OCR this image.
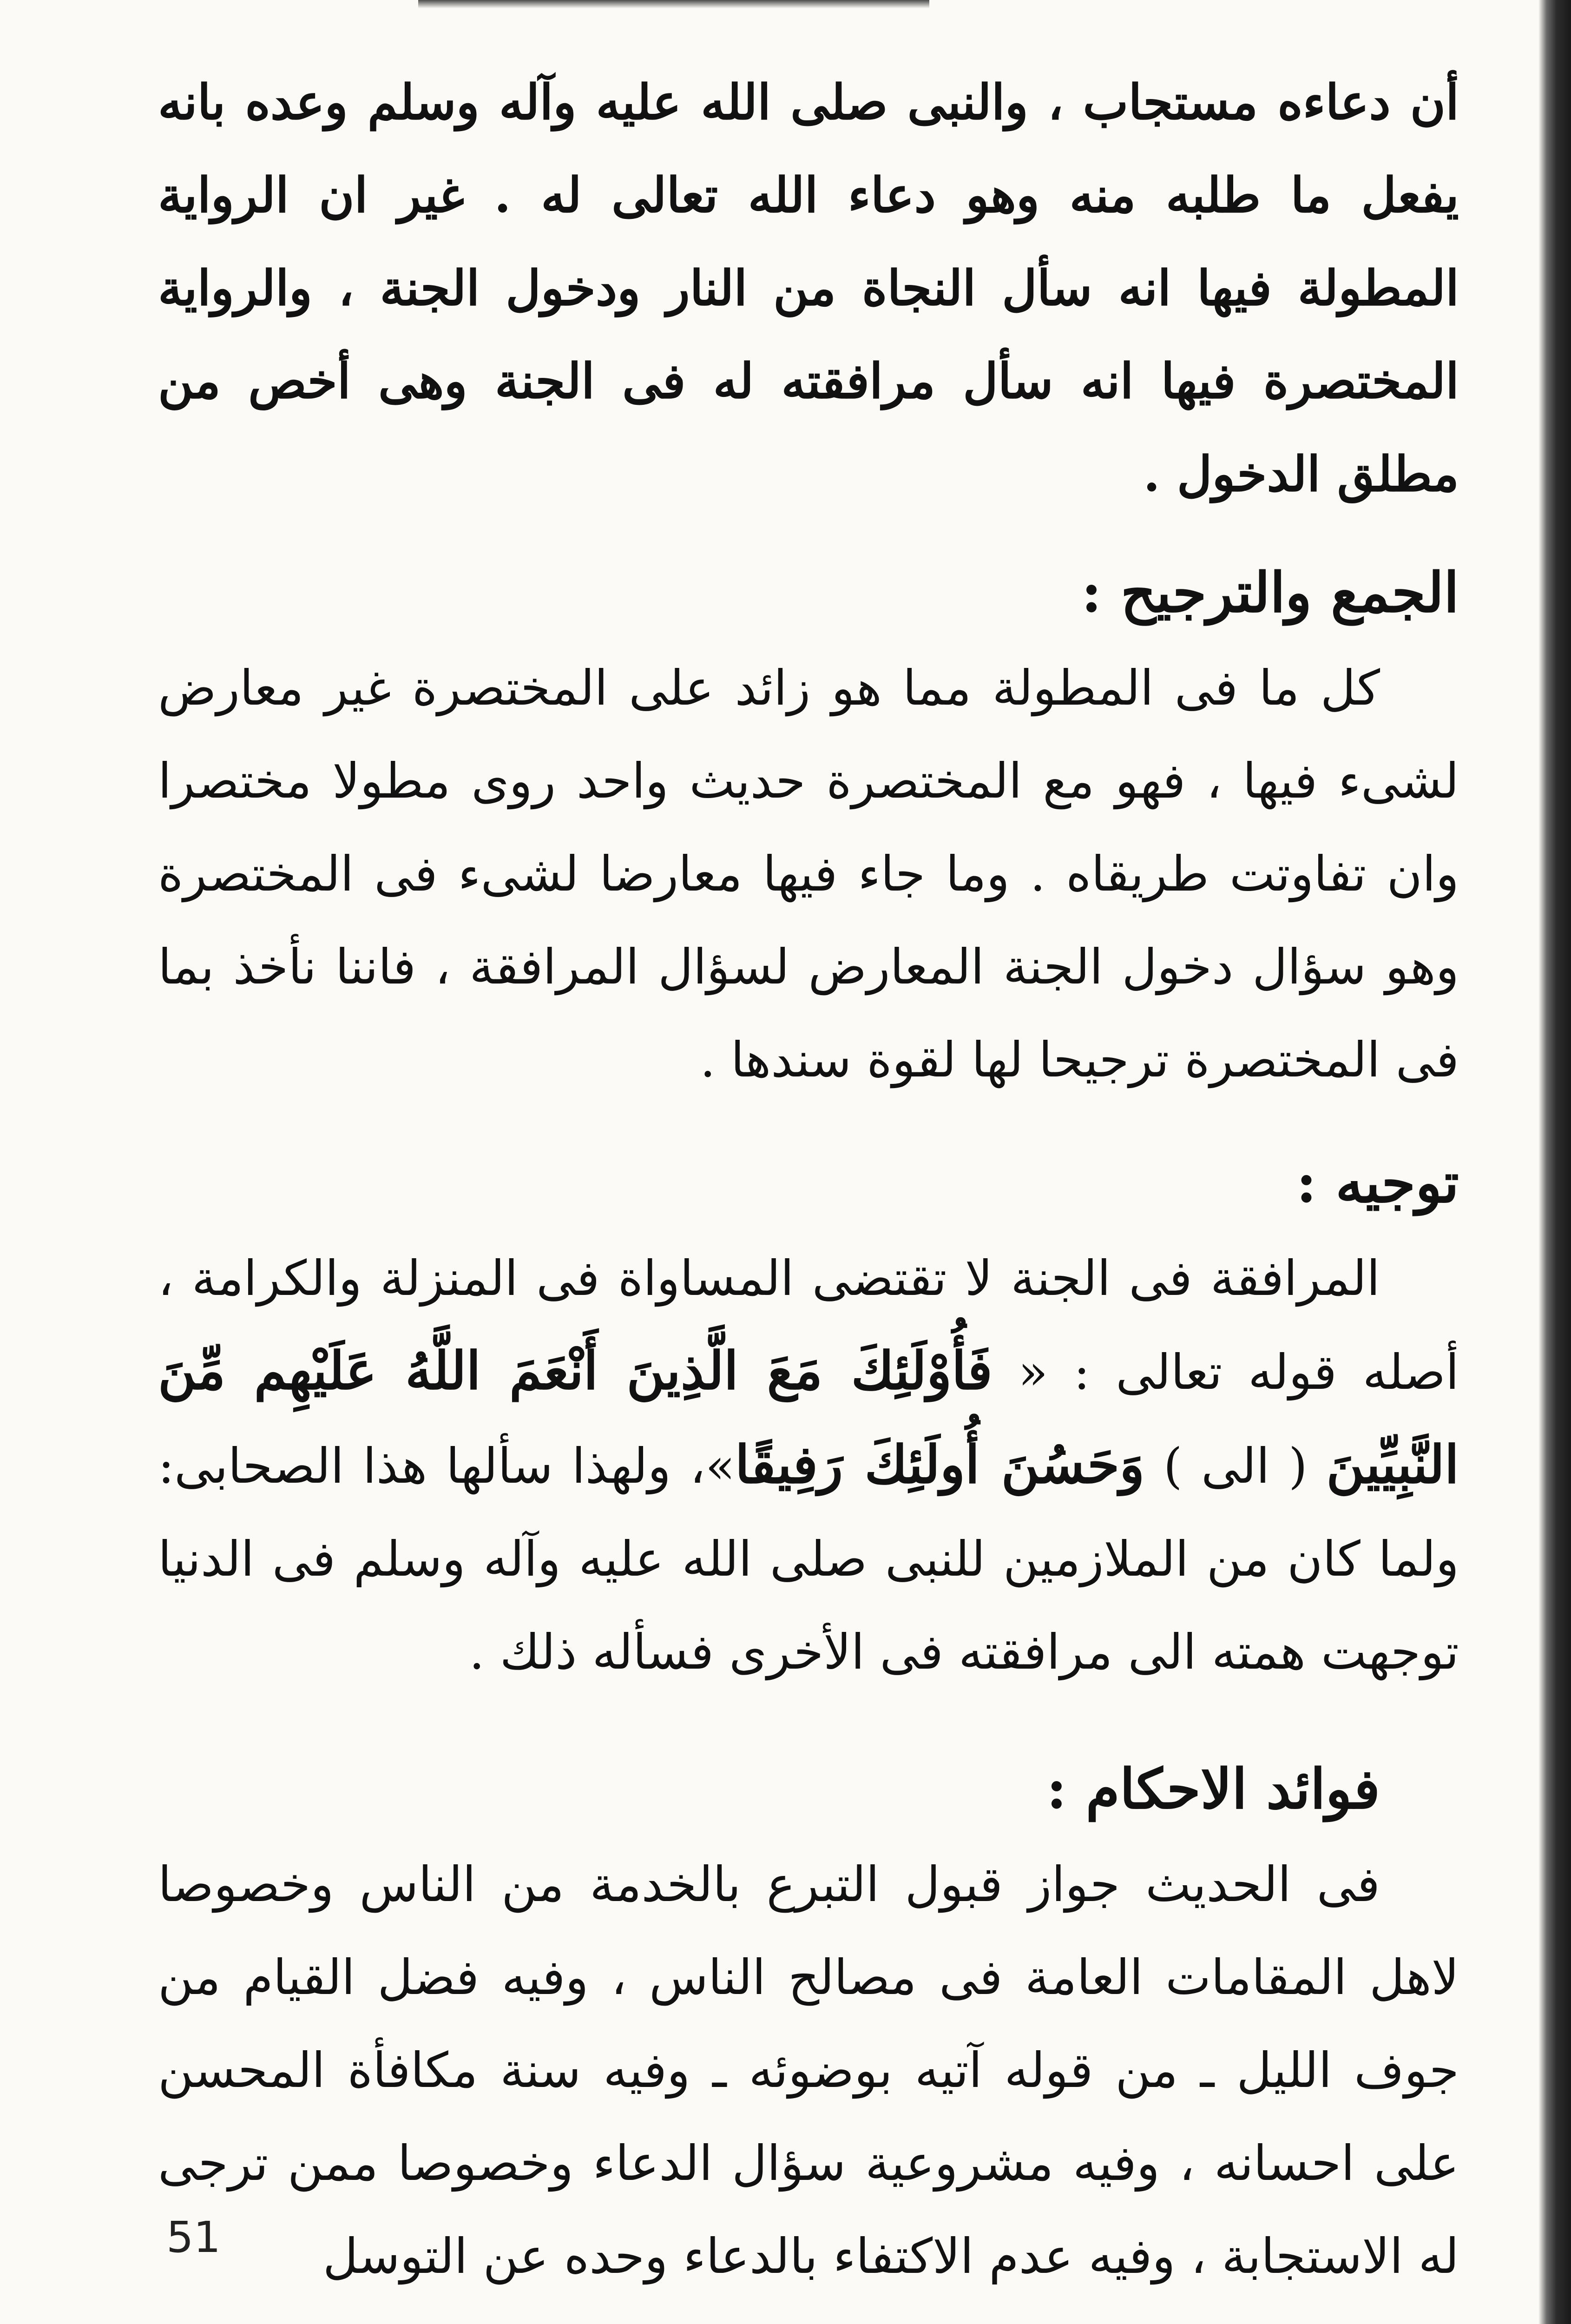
أن دعاءه مستجاب ، والنبى صلى الله عليه وآله وسلم وعده بانه يفعل ما طلبه منه وهو دعاء الله تعالى له . غير ان الرواية المطولة فيها انه سأل النجاة من النار ودخول الجنة ، والرواية المختصرة فيها انه سأل مرافقته له فى الجنة وهى أخص من مطلق الدخول .

الجمع والترجيح :

كل ما فى المطولة مما هو زائد على المختصرة غير معارض لشىء فيها ، فهو مع المختصرة حديث واحد روى مطولا مختصرا وان تفاوتت طريقاه . وما جاء فيها معارضا لشىء فى المختصرة وهو سؤال دخول الجنة المعارض لسؤال المرافقة ، فاننا نأخذ بما فى المختصرة ترجيحا لها لقوة سندها .

توجيه :

المرافقة فى الجنة لا تقتضى المساواة فى المنزلة والكرامة ، أصله قوله تعالى : « فَأُوْلَئِكَ مَعَ الَّذِينَ أَنْعَمَ اللَّهُ عَلَيْهِم مِّنَ النَّبِيِّينَ ( الى ) وَحَسُنَ أُولَئِكَ رَفِيقًا»، ولهذا سألها هذا الصحابى: ولما كان من الملازمين للنبى صلى الله عليه وآله وسلم فى الدنيا توجهت همته الى مرافقته فى الأخرى فسأله ذلك .

فوائد الاحكام :

فى الحديث جواز قبول التبرع بالخدمة من الناس وخصوصا لاهل المقامات العامة فى مصالح الناس ، وفيه فضل القيام من جوف الليل ـ من قوله آتيه بوضوئه ـ وفيه سنة مكافأة المحسن على احسانه ، وفيه مشروعية سؤال الدعاء وخصوصا ممن ترجى له الاستجابة ، وفيه عدم الاكتفاء بالدعاء وحده عن التوسل

51
